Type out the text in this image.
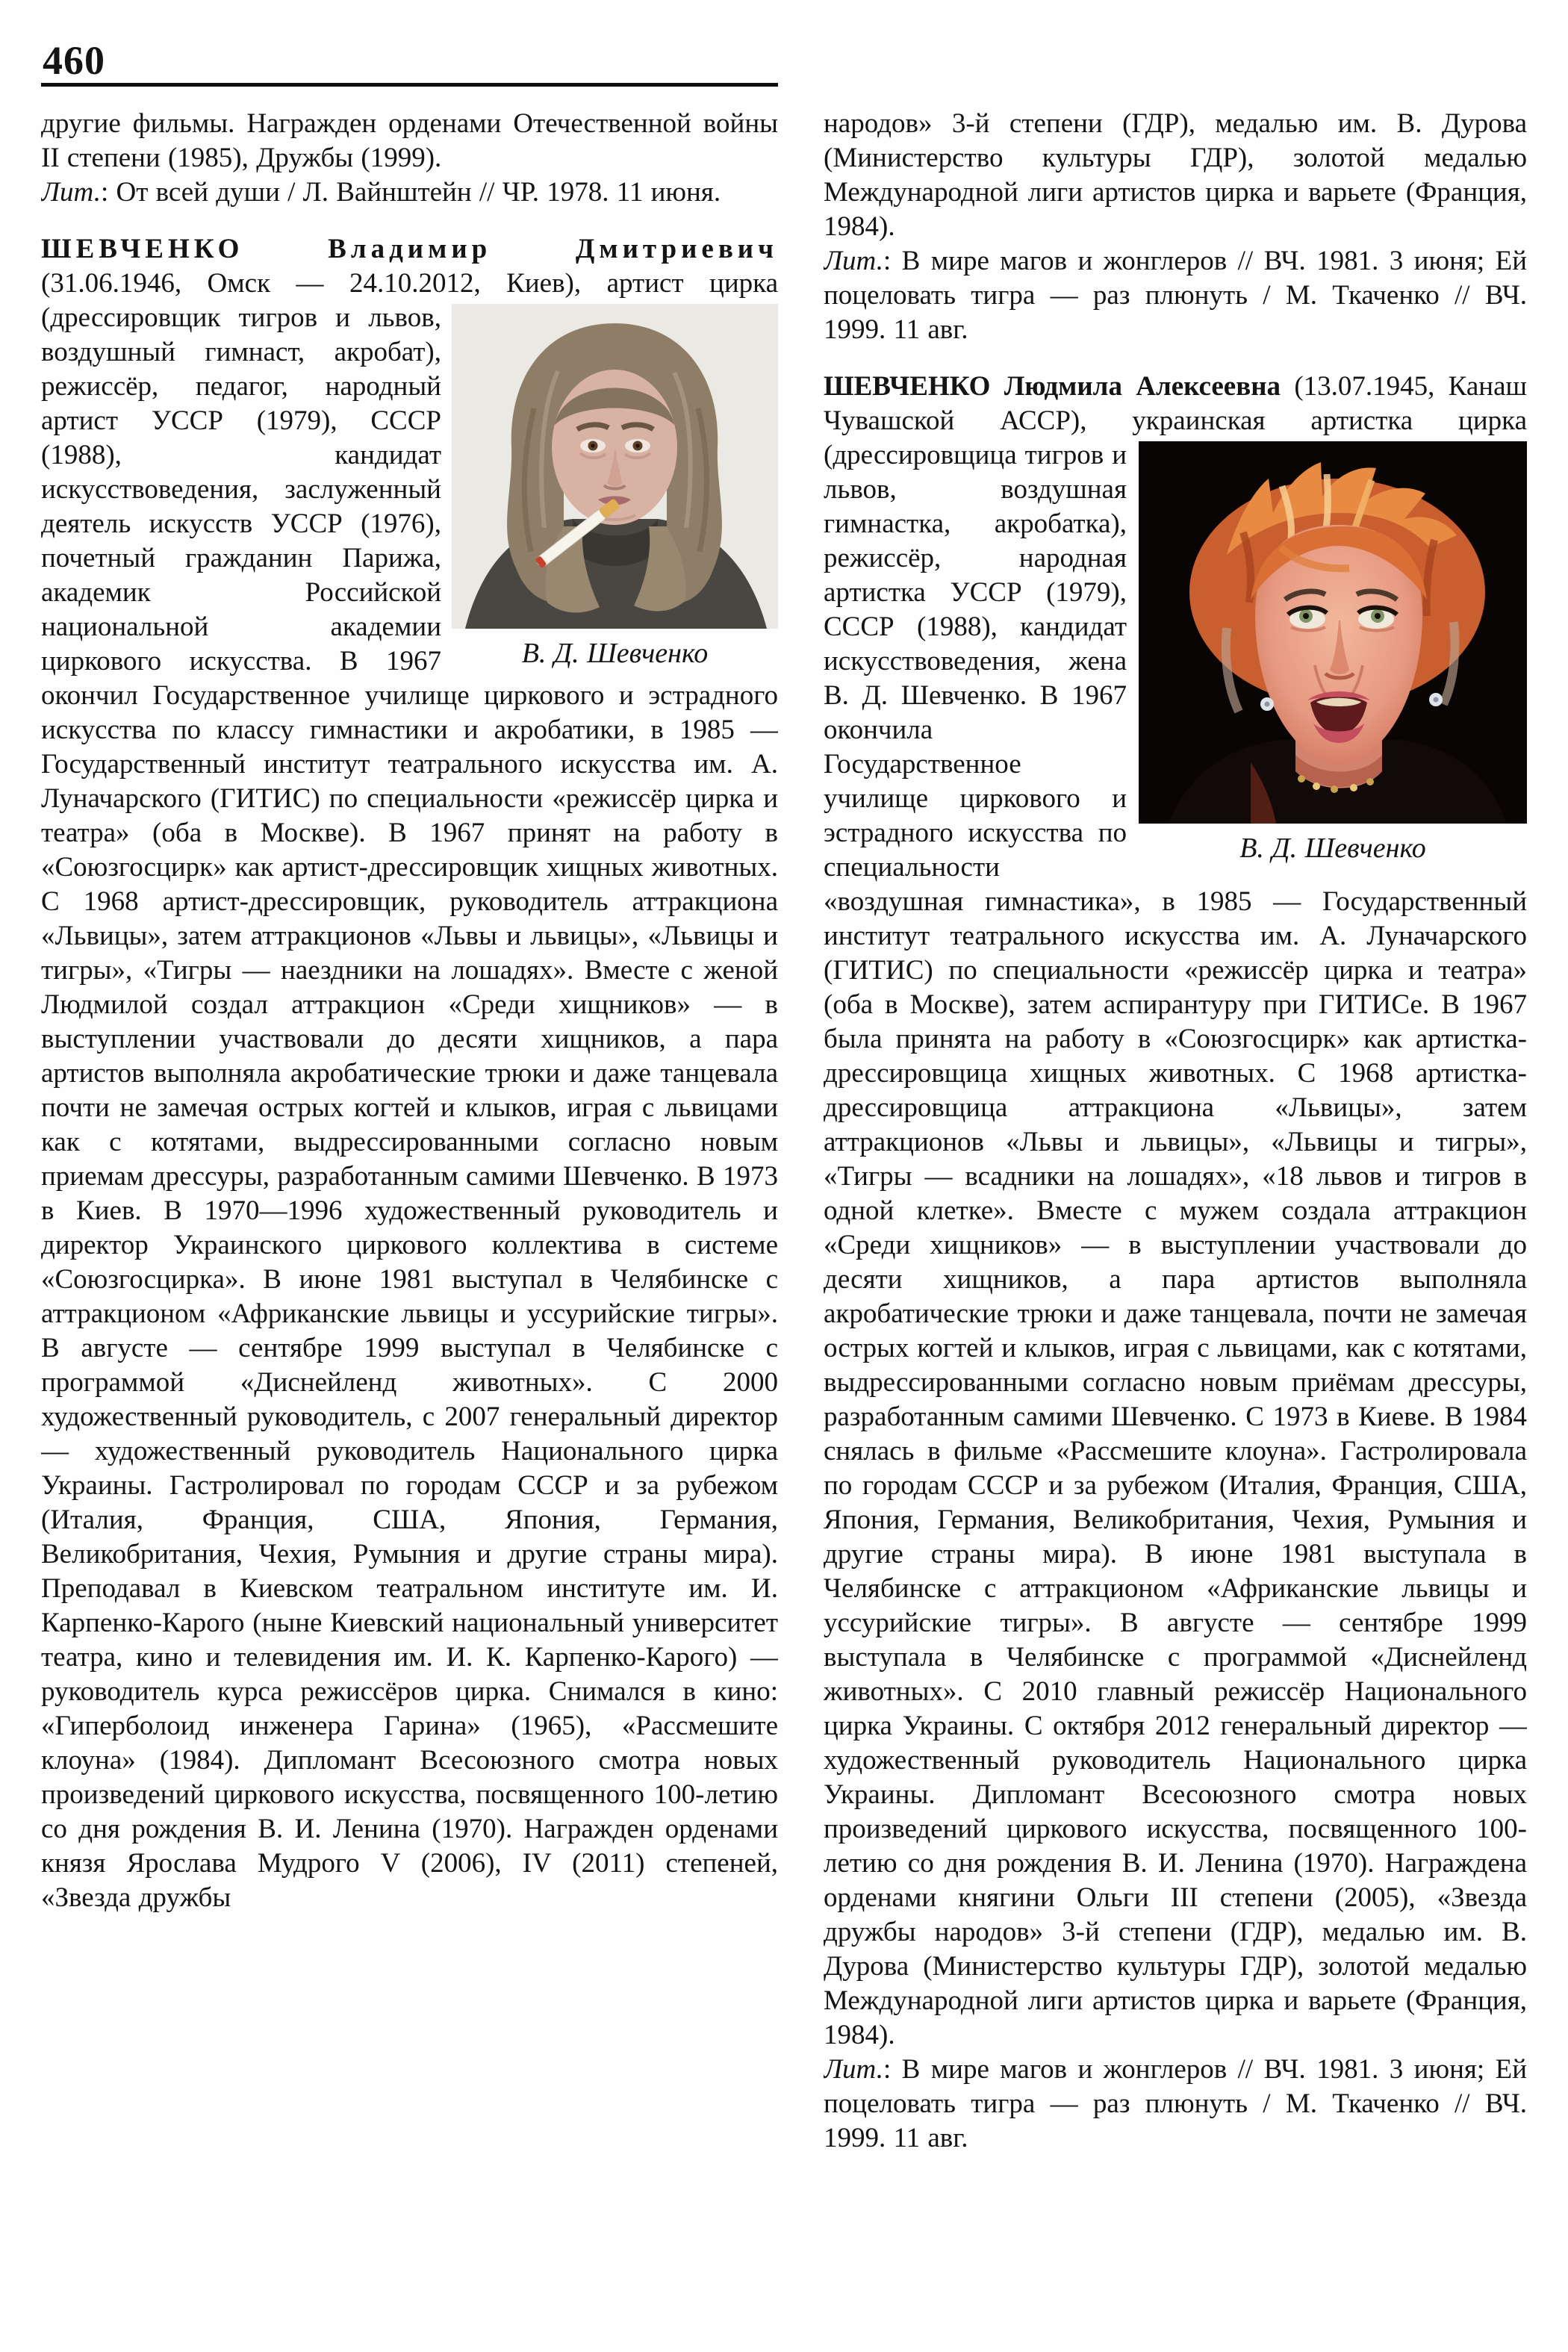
460

другие фильмы. Награжден орденами Отечественной войны II степени (1985), Дружбы (1999).

Лит.: От всей души / Л. Вайнштейн // ЧР. 1978. 11 июня.

ШЕВЧЕНКО Владимир Дмитриевич (31.06.1946, Омск — 24.10.2012, Киев), артист
В. Д. Шевченко
цирка (дрессировщик тигров и львов, воздушный гимнаст, акробат), режиссёр, педагог, народный артист УССР (1979), СССР (1988), кандидат искусствоведения, заслуженный деятель искусств УССР (1976), почетный гражданин Парижа, академик Российской национальной академии циркового искусства. В 1967 окончил Государственное училище циркового и эстрадного искусства по классу гимнастики и акробатики, в 1985 — Государственный институт театрального искусства им. А. Луначарского (ГИТИС) по специальности «режиссёр цирка и театра» (оба в Москве). В 1967 принят на работу в «Союзгосцирк» как артист-дрессировщик хищных животных. С 1968 артист-дрессировщик, руководитель аттракциона «Львицы», затем аттракционов «Львы и львицы», «Львицы и тигры», «Тигры — наездники на лошадях». Вместе с женой Людмилой создал аттракцион «Среди хищников» — в выступлении участвовали до десяти хищников, а пара артистов выполняла акробатические трюки и даже танцевала почти не замечая острых когтей и клыков, играя с львицами как с котятами, выдрессированными согласно новым приемам дрессуры, разработанным самими Шевченко. В 1973 в Киев. В 1970—1996 художественный руководитель и директор Украинского циркового коллектива в системе «Союзгосцирка». В июне 1981 выступал в Челябинске с аттракционом «Африканские львицы и уссурийские тигры». В августе — сентябре 1999 выступал в Челябинске с программой «Диснейленд животных». С 2000 художественный руководитель, с 2007 генеральный директор — художественный руководитель Национального цирка Украины. Гастролировал по городам СССР и за рубежом (Италия, Франция, США, Япония, Германия, Великобритания, Чехия, Румыния и другие страны мира). Преподавал в Киевском театральном институте им. И. Карпенко-Карого (ныне Киевский национальный университет театра, кино и телевидения им. И. К. Карпенко-Карого) — руководитель курса режиссёров цирка. Снимался в кино: «Гиперболоид инженера Гарина» (1965), «Рассмешите клоуна» (1984). Дипломант Всесоюзного смотра новых произведений циркового искусства, посвященного 100-летию со дня рождения В. И. Ленина (1970). Награжден орденами князя Ярослава Мудрого V (2006), IV (2011) степеней, «Звезда дружбы

народов» 3-й степени (ГДР), медалью им. В. Дурова (Министерство культуры ГДР), золотой медалью Международной лиги артистов цирка и варьете (Франция, 1984).

Лит.: В мире магов и жонглеров // ВЧ. 1981. 3 июня; Ей поцеловать тигра — раз плюнуть / М. Ткаченко // ВЧ. 1999. 11 авг.

ШЕВЧЕНКО Людмила Алексеевна (13.07.1945, Канаш Чувашской АССР), украинская артистка
В. Д. Шевченко
цирка (дрессировщица тигров и львов, воздушная гимнастка, акробатка), режиссёр, народная артистка УССР (1979), СССР (1988), кандидат искусствоведения, жена В. Д. Шевченко. В 1967 окончила Государственное училище циркового и эстрадного искусства по специальности «воздушная гимнастика», в 1985 — Государственный институт театрального искусства им. А. Луначарского (ГИТИС) по специальности «режиссёр цирка и театра» (оба в Москве), затем аспирантуру при ГИТИСе. В 1967 была принята на работу в «Союзгосцирк» как артистка-дрессировщица хищных животных. С 1968 артистка-дрессировщица аттракциона «Львицы», затем аттракционов «Львы и львицы», «Львицы и тигры», «Тигры — всадники на лошадях», «18 львов и тигров в одной клетке». Вместе с мужем создала аттракцион «Среди хищников» — в выступлении участвовали до десяти хищников, а пара артистов выполняла акробатические трюки и даже танцевала, почти не замечая острых когтей и клыков, играя с львицами, как с котятами, выдрессированными согласно новым приёмам дрессуры, разработанным самими Шевченко. С 1973 в Киеве. В 1984 снялась в фильме «Рассмешите клоуна». Гастролировала по городам СССР и за рубежом (Италия, Франция, США, Япония, Германия, Великобритания, Чехия, Румыния и другие страны мира). В июне 1981 выступала в Челябинске с аттракционом «Африканские львицы и уссурийские тигры». В августе — сентябре 1999 выступала в Челябинске с программой «Диснейленд животных». С 2010 главный режиссёр Национального цирка Украины. С октября 2012 генеральный директор — художественный руководитель Национального цирка Украины. Дипломант Всесоюзного смотра новых произведений циркового искусства, посвященного 100-летию со дня рождения В. И. Ленина (1970). Награждена орденами княгини Ольги III степени (2005), «Звезда дружбы народов» 3-й степени (ГДР), медалью им. В. Дурова (Министерство культуры ГДР), золотой медалью Международной лиги артистов цирка и варьете (Франция, 1984).

Лит.: В мире магов и жонглеров // ВЧ. 1981. 3 июня; Ей поцеловать тигра — раз плюнуть / М. Ткаченко // ВЧ. 1999. 11 авг.
